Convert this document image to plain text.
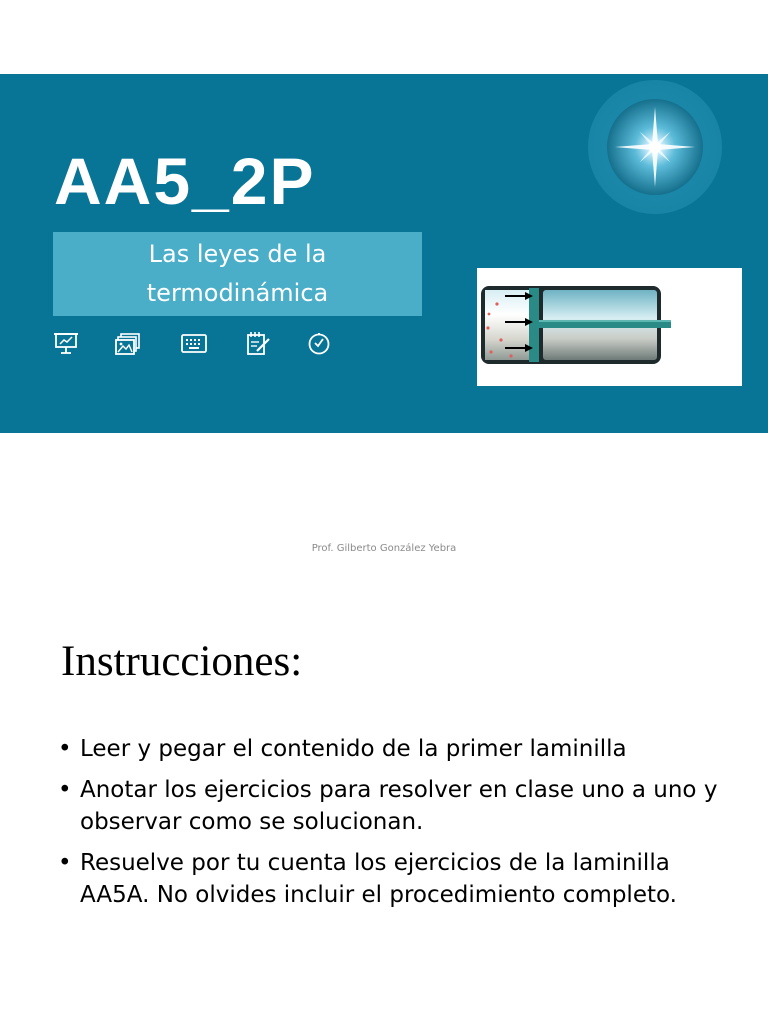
AA5_2P
Las leyes de la
termodinámica
Prof. Gilberto González Yebra
Instrucciones:
• Leer y pegar el contenido de la primer laminilla
• Anotar los ejercicios para resolver en clase uno a uno y observar como se solucionan.
• Resuelve por tu cuenta los ejercicios de la laminilla AA5A. No olvides incluir el procedimiento completo.
